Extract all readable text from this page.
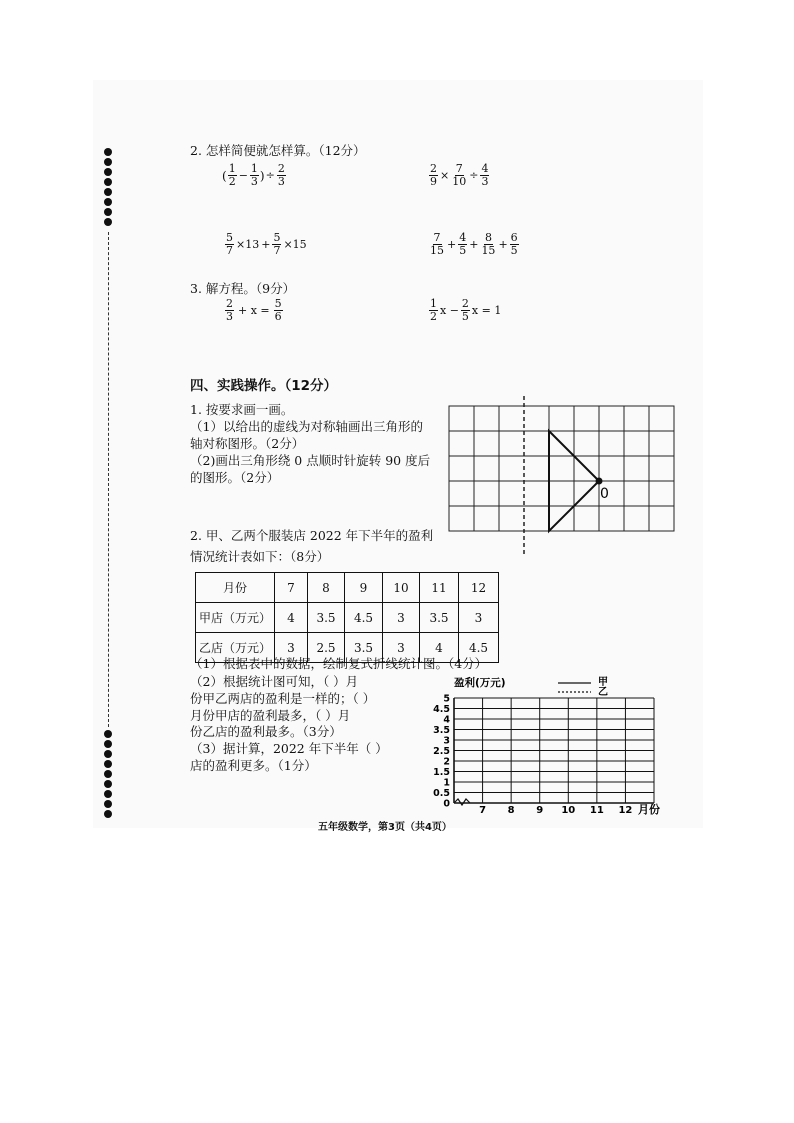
2. 怎样简便就怎样算。（12分）
( $\frac{1}{2} - \frac{1}{3}$ ) ÷ $\frac{2}{3}$	$\frac{2}{9} \times \frac{7}{10} \div \frac{4}{3}$
$\frac{5}{7} \times 13 + \frac{5}{7} \times 15$	$\frac{7}{15} + \frac{4}{5} + \frac{8}{15} + \frac{6}{5}$
3. 解方程。（9分）
$\frac{2}{3} + x = \frac{5}{6}$	$\frac{1}{2}$ $x - \frac{2}{5}$ x = 1
四、实践操作。（12分）
1. 按要求画一画。
（1）以给出的虚线为对称轴画出三角形的
轴对称图形。（2分）
（2)画出三角形绕 0 点顺时针旋转 90 度后
的图形。（2分）
0
2. 甲、乙两个服装店 2022 年下半年的盈利
情况统计表如下：（8分）
月份	7	8	9	10	11	12
甲店（万元）	4	3.5	4.5	3	3.5	3
乙店（万元）	3	2.5	3.5	3	4	4.5
（1）根据表中的数据，绘制复式折线统计图。（4分）
（2）根据统计图可知，（ ）月
份甲乙两店的盈利是一样的；（ ）
月份甲店的盈利最多，（ ）月
份乙店的盈利最多。（3分）
（3）据计算，2022 年下半年（ ）
店的盈利更多。（1分）
盈利(万元)	甲
乙
5
4.5
4
3.5
3
2.5
2
1.5
1
0.5
0
7 8 9 10 11 12 月份
五年级数学，第3页（共4页）
